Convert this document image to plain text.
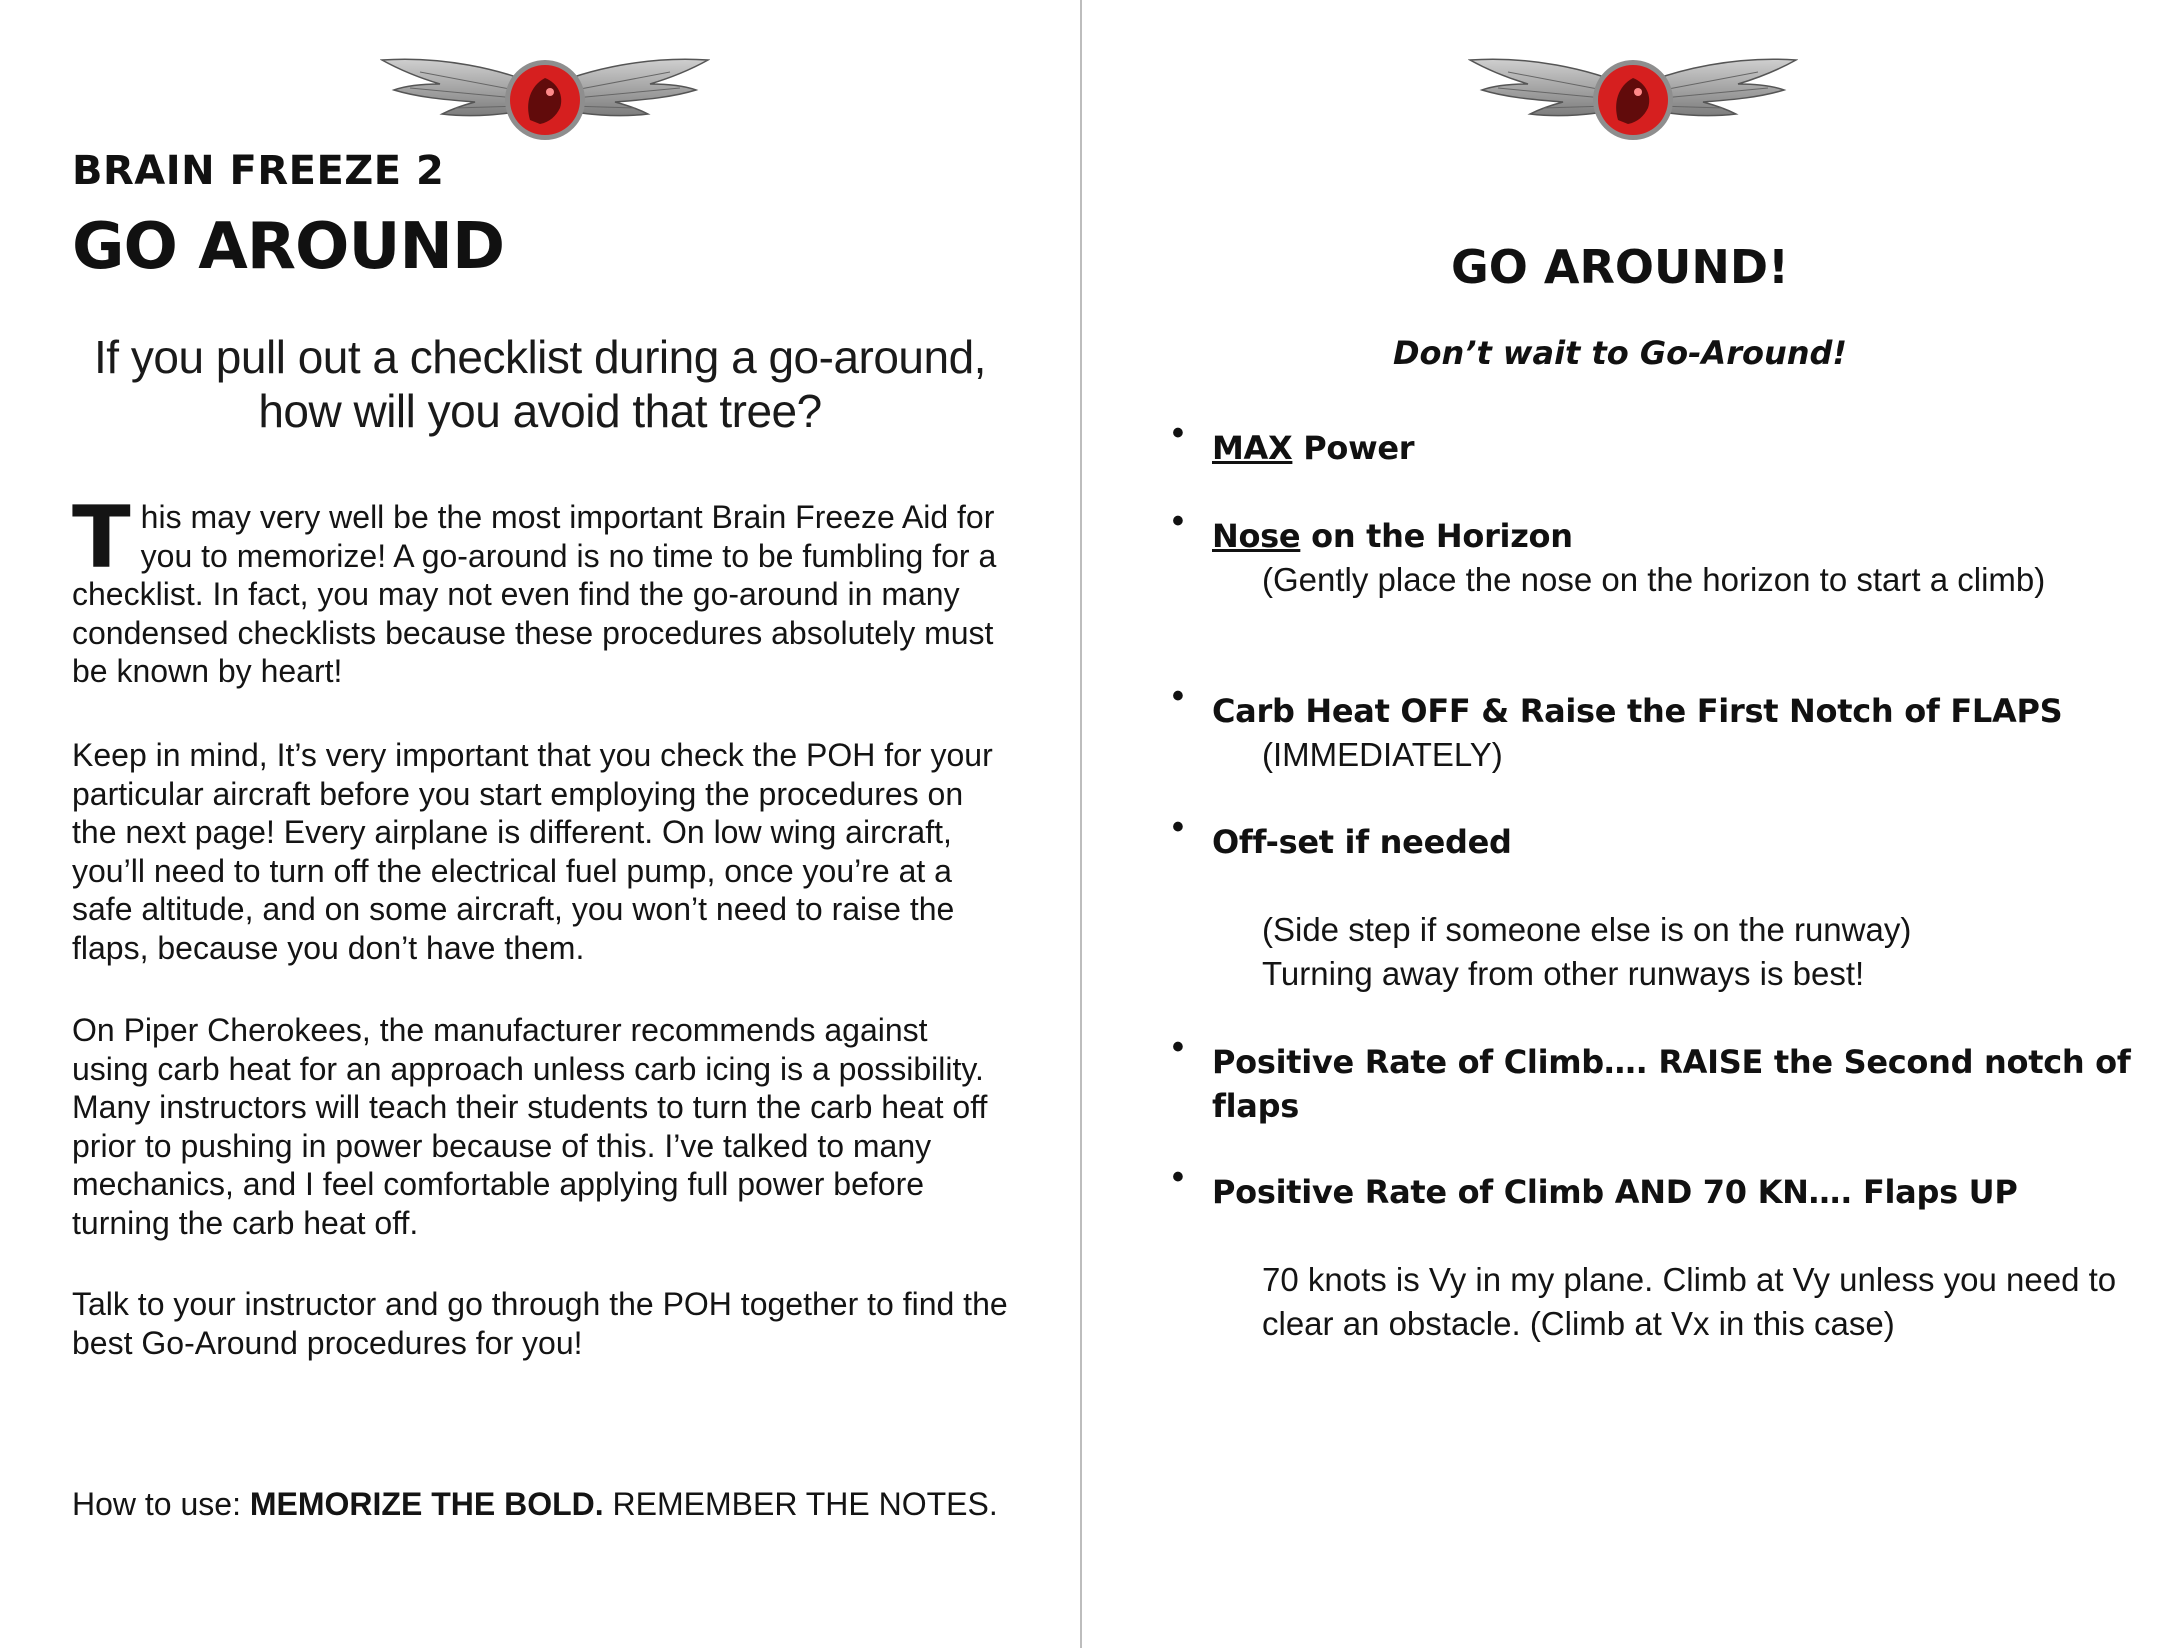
BRAIN FREEZE 2
GO AROUND
If you pull out a checklist during a go-around,
how will you avoid that tree?
This may very well be the most important Brain Freeze Aid for you to memorize! A go-around is no time to be fumbling for a checklist. In fact, you may not even find the go-around in many condensed checklists because these procedures absolutely must be known by heart!
Keep in mind, It’s very important that you check the POH for your particular aircraft before you start employing the procedures on the next page! Every airplane is different. On low wing aircraft, you’ll need to turn off the electrical fuel pump, once you’re at a safe altitude, and on some aircraft, you won’t need to raise the flaps, because you don’t have them.
On Piper Cherokees, the manufacturer recommends against using carb heat for an approach unless carb icing is a possibility. Many instructors will teach their students to turn the carb heat off prior to pushing in power because of this. I’ve talked to many mechanics, and I feel comfortable applying full power before turning the carb heat off.
Talk to your instructor and go through the POH together to find the best Go-Around procedures for you!
How to use: MEMORIZE THE BOLD. REMEMBER THE NOTES.
GO AROUND!
Don’t wait to Go-Around!
• MAX Power
• Nose on the Horizon
(Gently place the nose on the horizon to start a climb)
• Carb Heat OFF & Raise the First Notch of FLAPS
(IMMEDIATELY)
• Off-set if needed
(Side step if someone else is on the runway)
Turning away from other runways is best!
• Positive Rate of Climb…. RAISE the Second notch of flaps
• Positive Rate of Climb AND 70 KN…. Flaps UP
70 knots is Vy in my plane. Climb at Vy unless you need to clear an obstacle. (Climb at Vx in this case)
